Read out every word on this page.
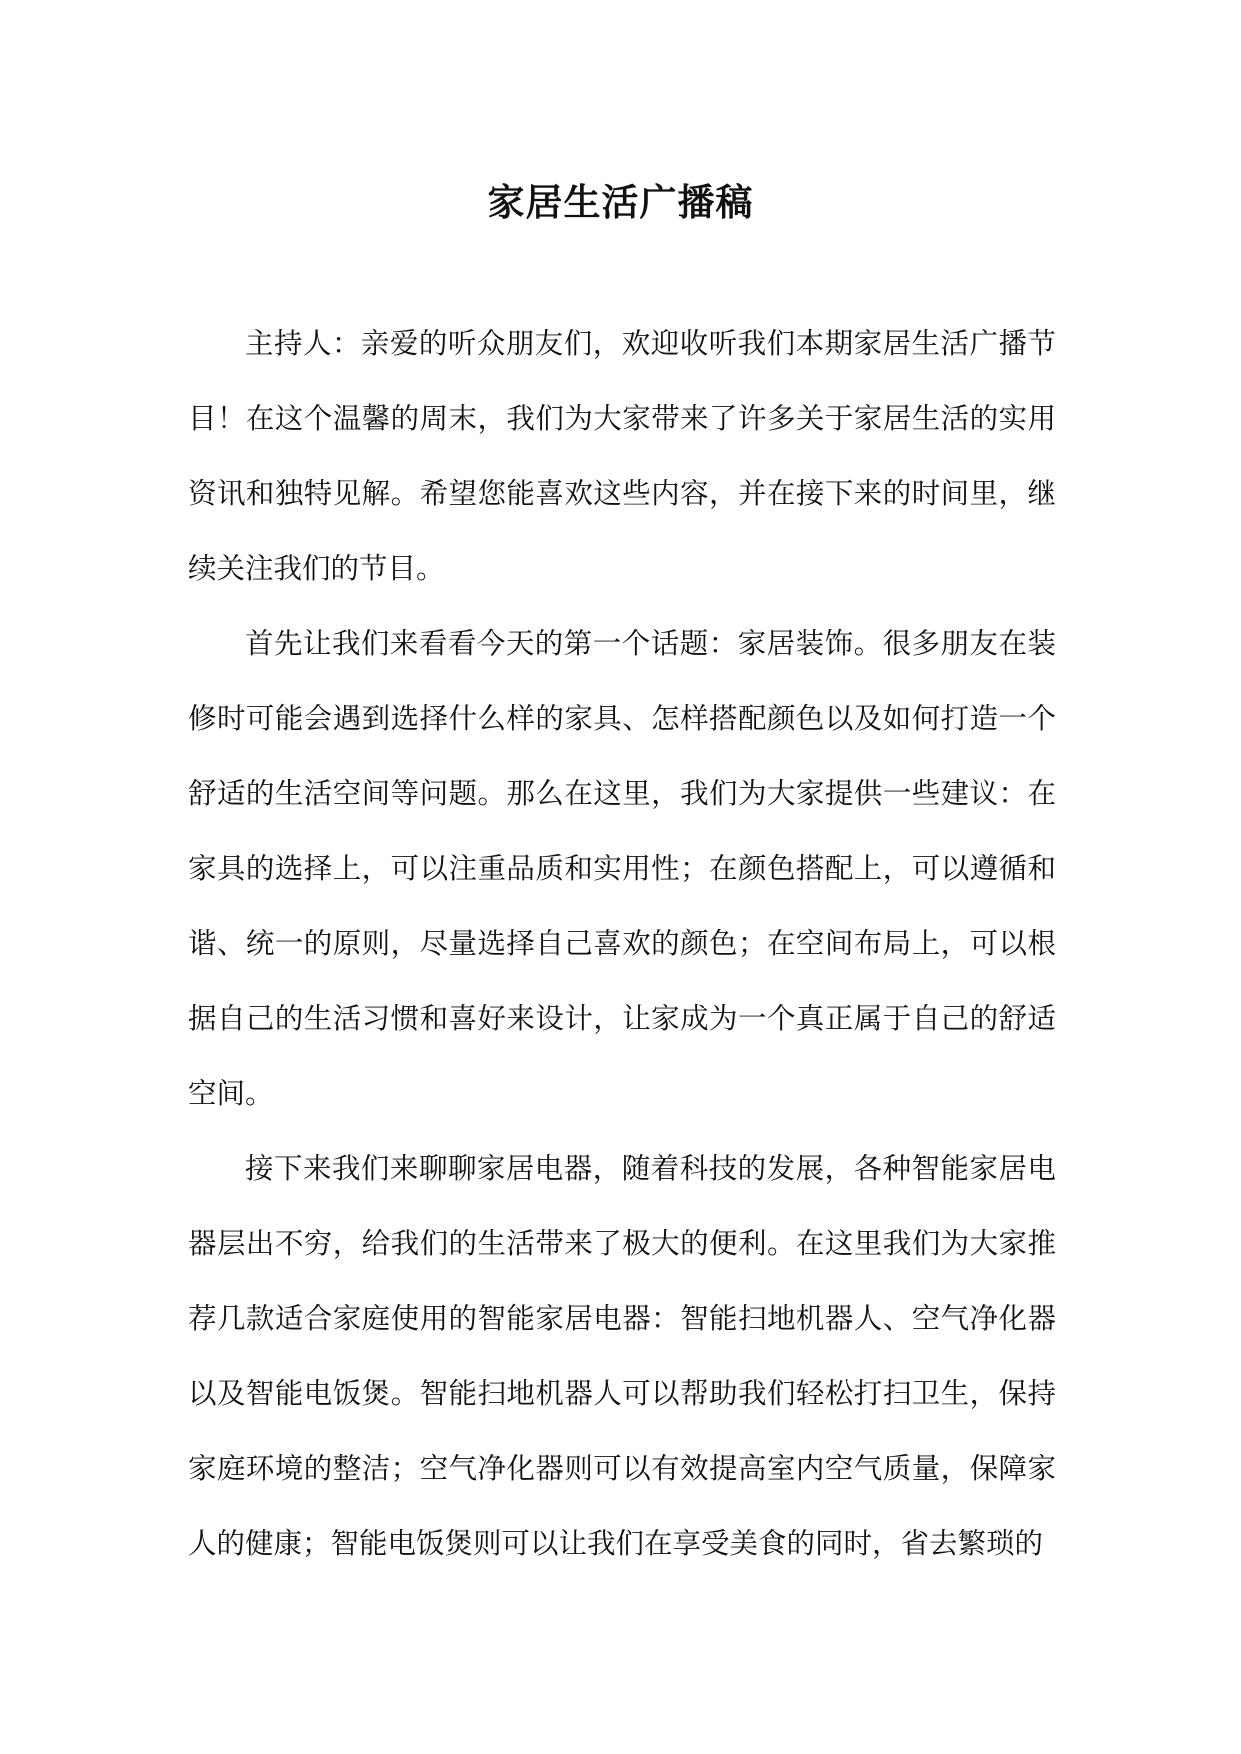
家居生活广播稿

主持人：亲爱的听众朋友们，欢迎收听我们本期家居生活广播节目！在这个温馨的周末，我们为大家带来了许多关于家居生活的实用资讯和独特见解。希望您能喜欢这些内容，并在接下来的时间里，继续关注我们的节目。

首先让我们来看看今天的第一个话题：家居装饰。很多朋友在装修时可能会遇到选择什么样的家具、怎样搭配颜色以及如何打造一个舒适的生活空间等问题。那么在这里，我们为大家提供一些建议：在家具的选择上，可以注重品质和实用性；在颜色搭配上，可以遵循和谐、统一的原则，尽量选择自己喜欢的颜色；在空间布局上，可以根据自己的生活习惯和喜好来设计，让家成为一个真正属于自己的舒适空间。

接下来我们来聊聊家居电器，随着科技的发展，各种智能家居电器层出不穷，给我们的生活带来了极大的便利。在这里我们为大家推荐几款适合家庭使用的智能家居电器：智能扫地机器人、空气净化器以及智能电饭煲。智能扫地机器人可以帮助我们轻松打扫卫生，保持家庭环境的整洁；空气净化器则可以有效提高室内空气质量，保障家人的健康；智能电饭煲则可以让我们在享受美食的同时，省去繁琐的
